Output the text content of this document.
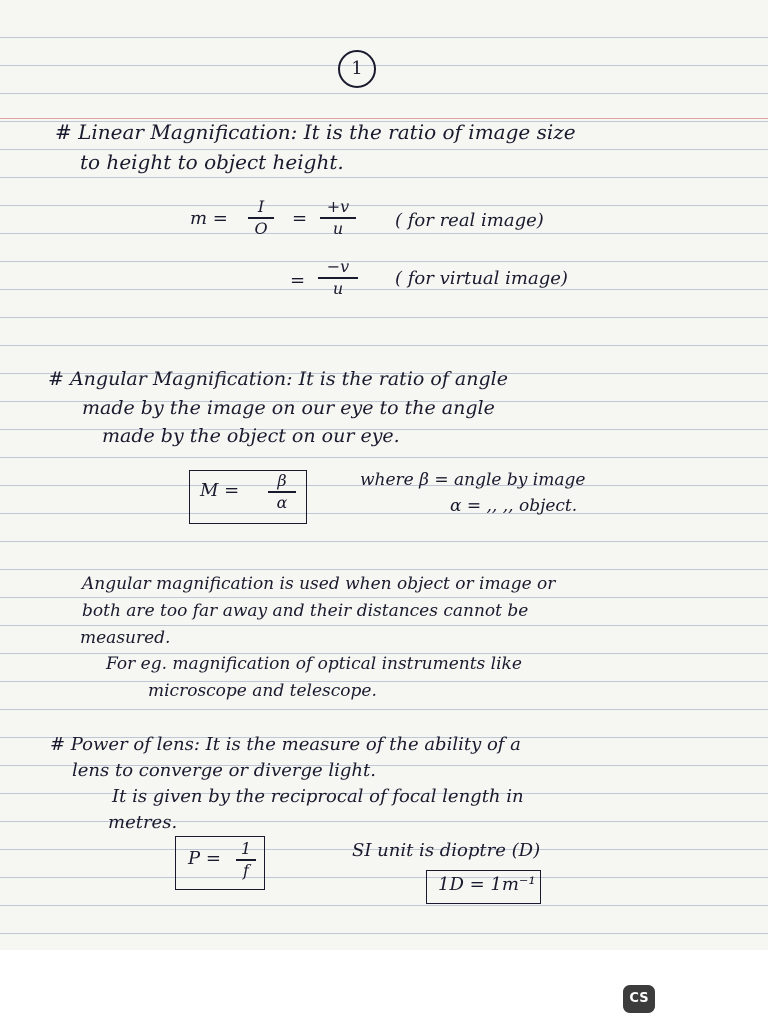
1
# Linear Magnification: It is the ratio of image size
to height to object height.
m =
I
O	=
+v
u	( for real image)
=
−v
u	( for virtual image)
# Angular Magnification: It is the ratio of angle
made by the image on our eye to the angle
made by the object on our eye.
M =	β
α
where β = angle by image
α = ,, ,, object.
Angular magnification is used when object or image or
both are too far away and their distances cannot be
measured.
For eg. magnification of optical instruments like
microscope and telescope.
# Power of lens: It is the measure of the ability of a
lens to converge or diverge light.
It is given by the reciprocal of focal length in
metres.
P =	1
f
SI unit is dioptre (D)
1D = 1m⁻¹
CS
